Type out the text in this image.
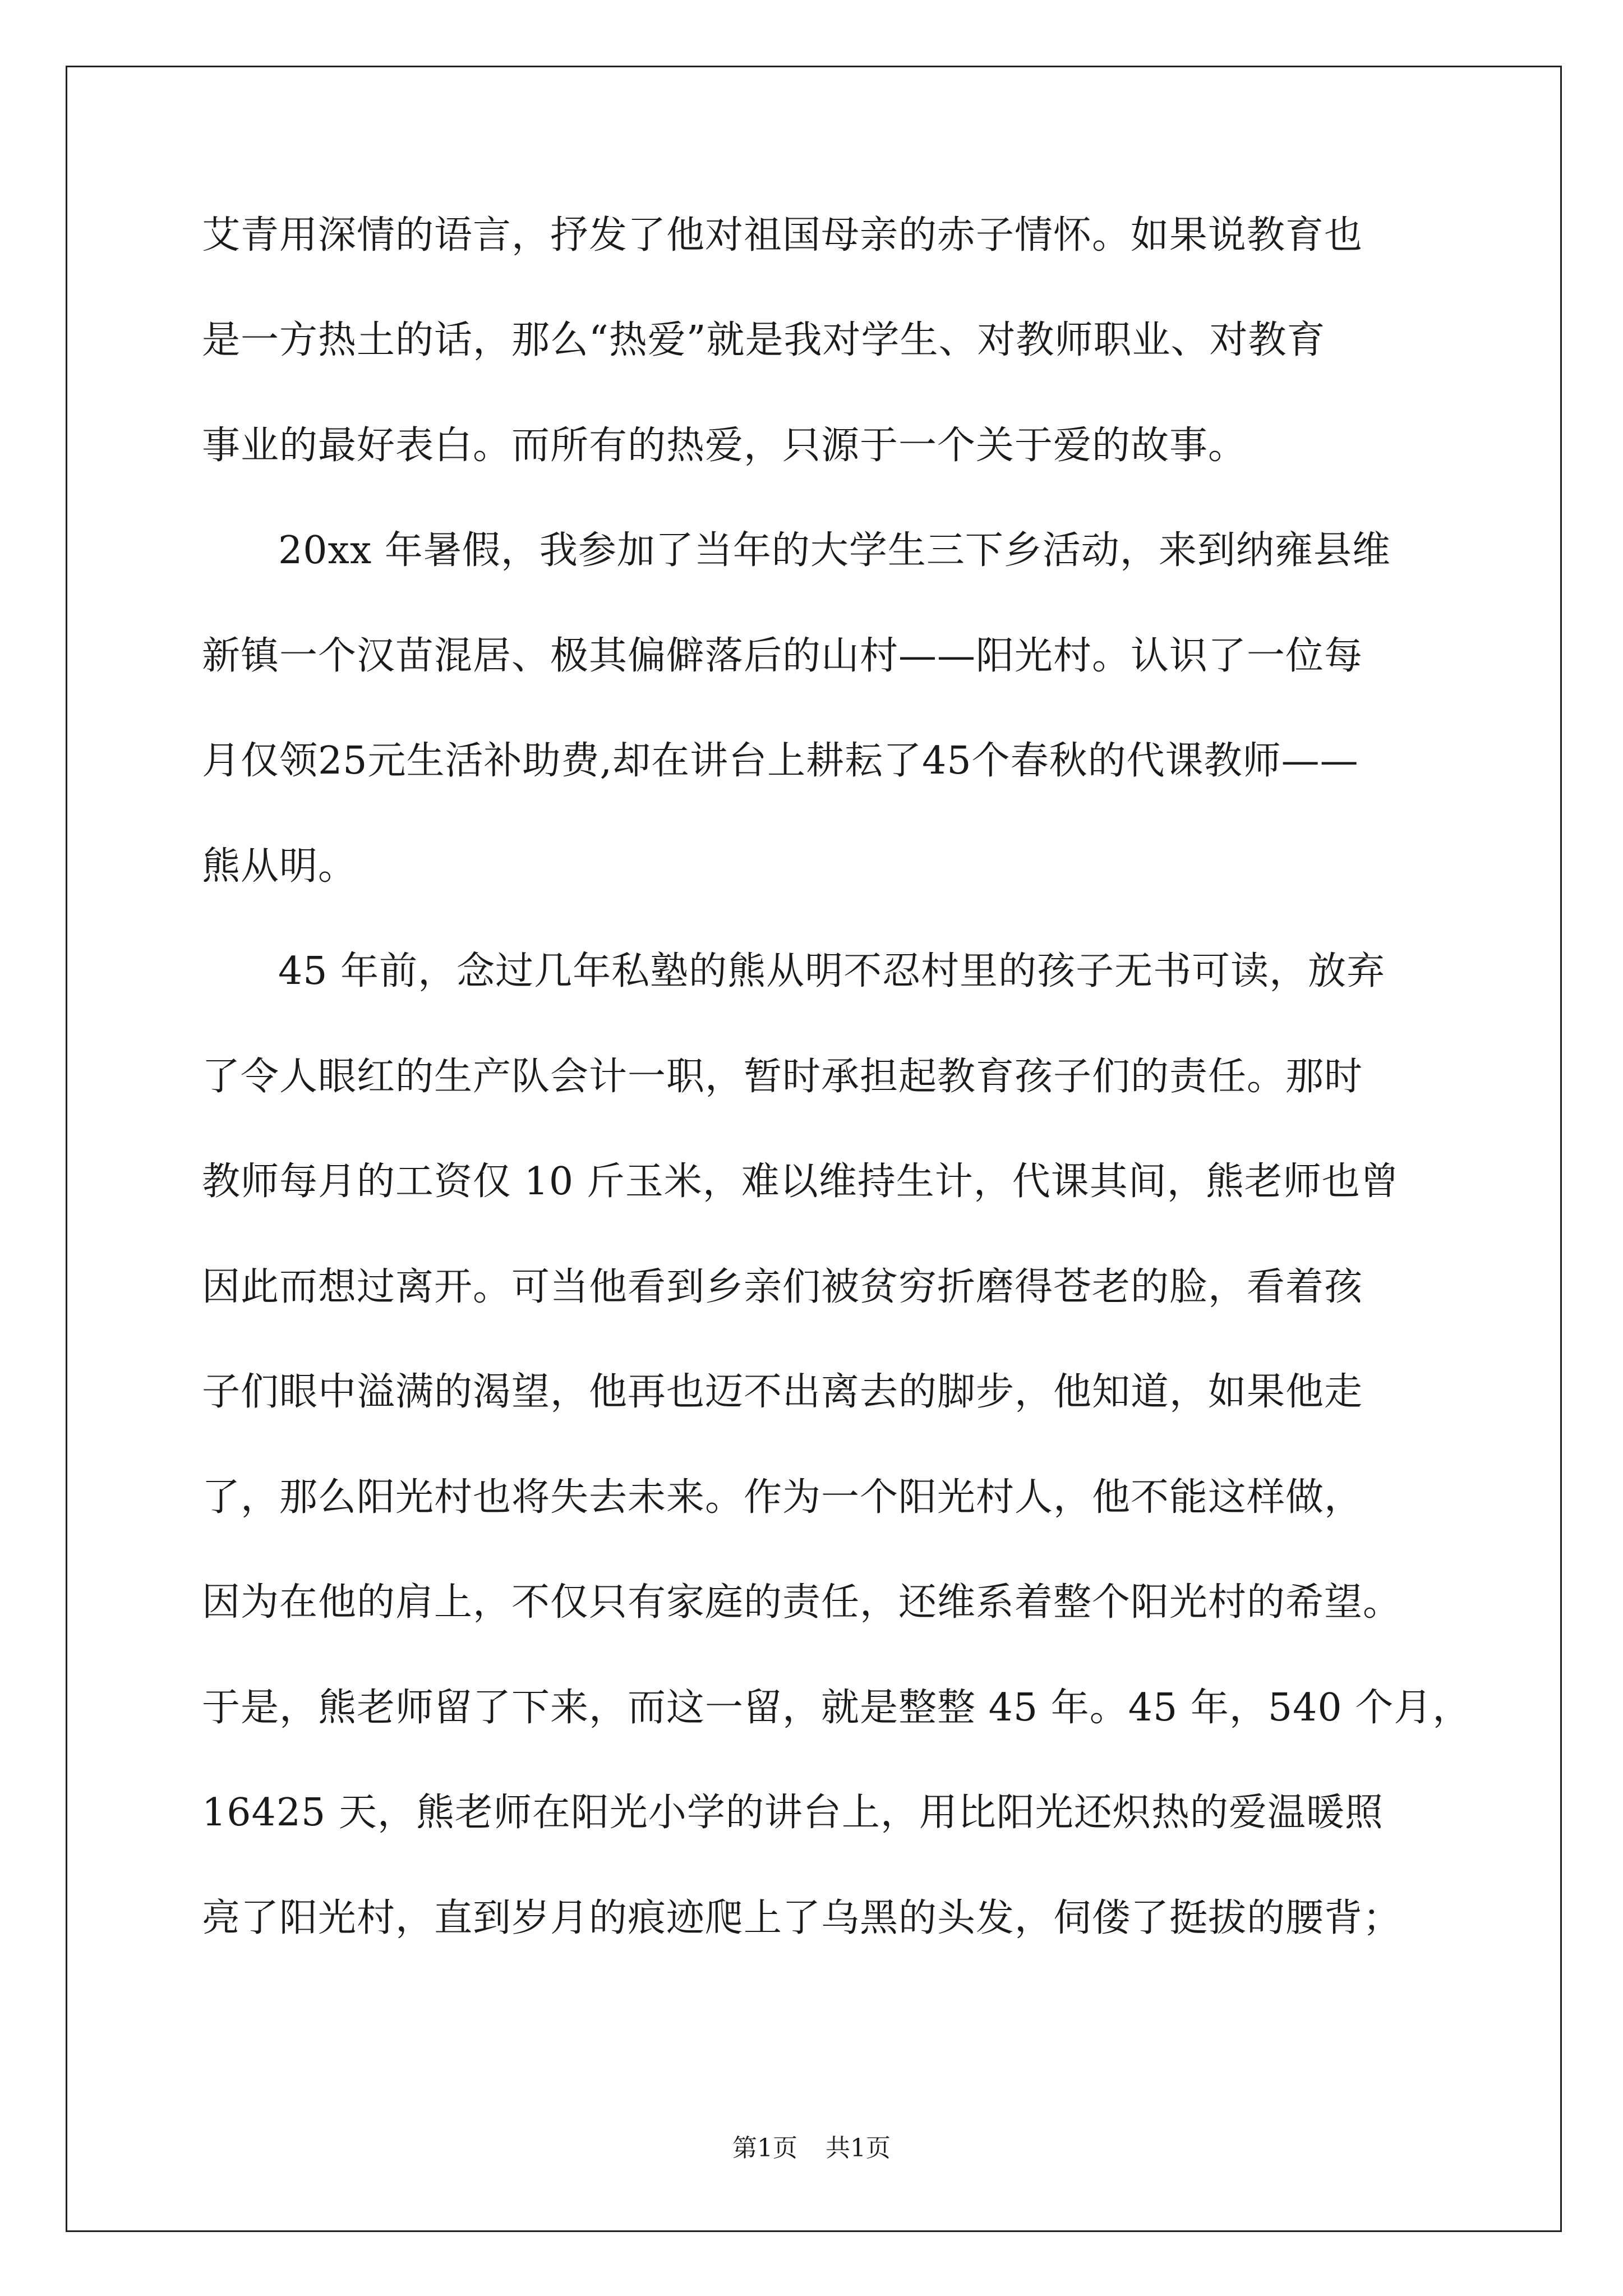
艾青用深情的语言，抒发了他对祖国母亲的赤子情怀。如果说教育也
是一方热土的话，那么“热爱”就是我对学生、对教师职业、对教育
事业的最好表白。而所有的热爱，只源于一个关于爱的故事。
20xx 年暑假，我参加了当年的大学生三下乡活动，来到纳雍县维
新镇一个汉苗混居、极其偏僻落后的山村——阳光村。认识了一位每
月仅领25元生活补助费,却在讲台上耕耘了45个春秋的代课教师——
熊从明。
45 年前，念过几年私塾的熊从明不忍村里的孩子无书可读，放弃
了令人眼红的生产队会计一职，暂时承担起教育孩子们的责任。那时
教师每月的工资仅 10 斤玉米，难以维持生计，代课其间，熊老师也曾
因此而想过离开。可当他看到乡亲们被贫穷折磨得苍老的脸，看着孩
子们眼中溢满的渴望，他再也迈不出离去的脚步，他知道，如果他走
了，那么阳光村也将失去未来。作为一个阳光村人，他不能这样做，
因为在他的肩上，不仅只有家庭的责任，还维系着整个阳光村的希望。
于是，熊老师留了下来，而这一留，就是整整 45 年。45 年，540 个月，
16425 天，熊老师在阳光小学的讲台上，用比阳光还炽热的爱温暖照
亮了阳光村，直到岁月的痕迹爬上了乌黑的头发，伺偻了挺拔的腰背；
第1页 共1页
